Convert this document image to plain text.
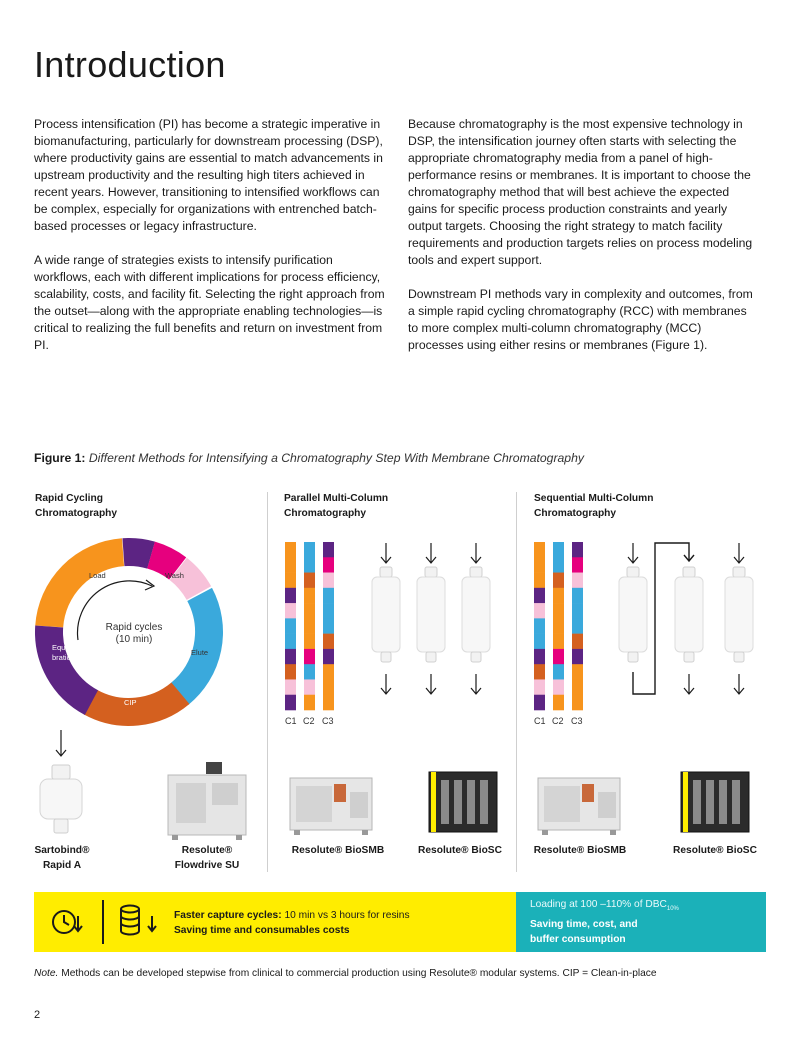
Introduction

Process intensification (PI) has become a strategic imperative in biomanufacturing, particularly for downstream processing (DSP), where productivity gains are essential to match advancements in upstream productivity and the resulting high titers achieved in recent years. However, transitioning to intensified workflows can be complex, especially for organizations with entrenched batch-based processes or legacy infrastructure.

A wide range of strategies exists to intensify purification workflows, each with different implications for process efficiency, scalability, costs, and facility fit. Selecting the right approach from the outset—along with the appropriate enabling technologies—is critical to realizing the full benefits and return on investment from PI.

Because chromatography is the most expensive technology in DSP, the intensification journey often starts with selecting the appropriate chromatography media from a panel of high-performance resins or membranes. It is important to choose the chromatography method that will best achieve the expected gains for specific process production constraints and yearly output targets. Choosing the right strategy to match facility requirements and production targets relies on process modeling tools and expert support.

Downstream PI methods vary in complexity and outcomes, from a simple rapid cycling chromatography (RCC) with membranes to more complex multi-column chromatography (MCC) processes using either resins or membranes (Figure 1).

Figure 1: Different Methods for Intensifying a Chromatography Step With Membrane Chromatography
Rapid Cycling Chromatography
Parallel Multi-Column Chromatography
Sequential Multi-Column Chromatography
Load	Wash
Elute
CIP
Equili-
bration
Rapid cycles
(10 min)
C1 C2 C3	C1 C2 C3
Sartobind®
Rapid A
Resolute®
Flowdrive SU
Resolute® BioSMB	Resolute® BioSC	Resolute® BioSMB	Resolute® BioSC
Faster capture cycles: 10 min vs 3 hours for resins
Saving time and consumables costs
Loading at 100 –110% of $DBC_{10\%}$
Saving time, cost, and
buffer consumption
Note. Methods can be developed stepwise from clinical to commercial production using Resolute® modular systems. CIP = Clean-in-place
2
